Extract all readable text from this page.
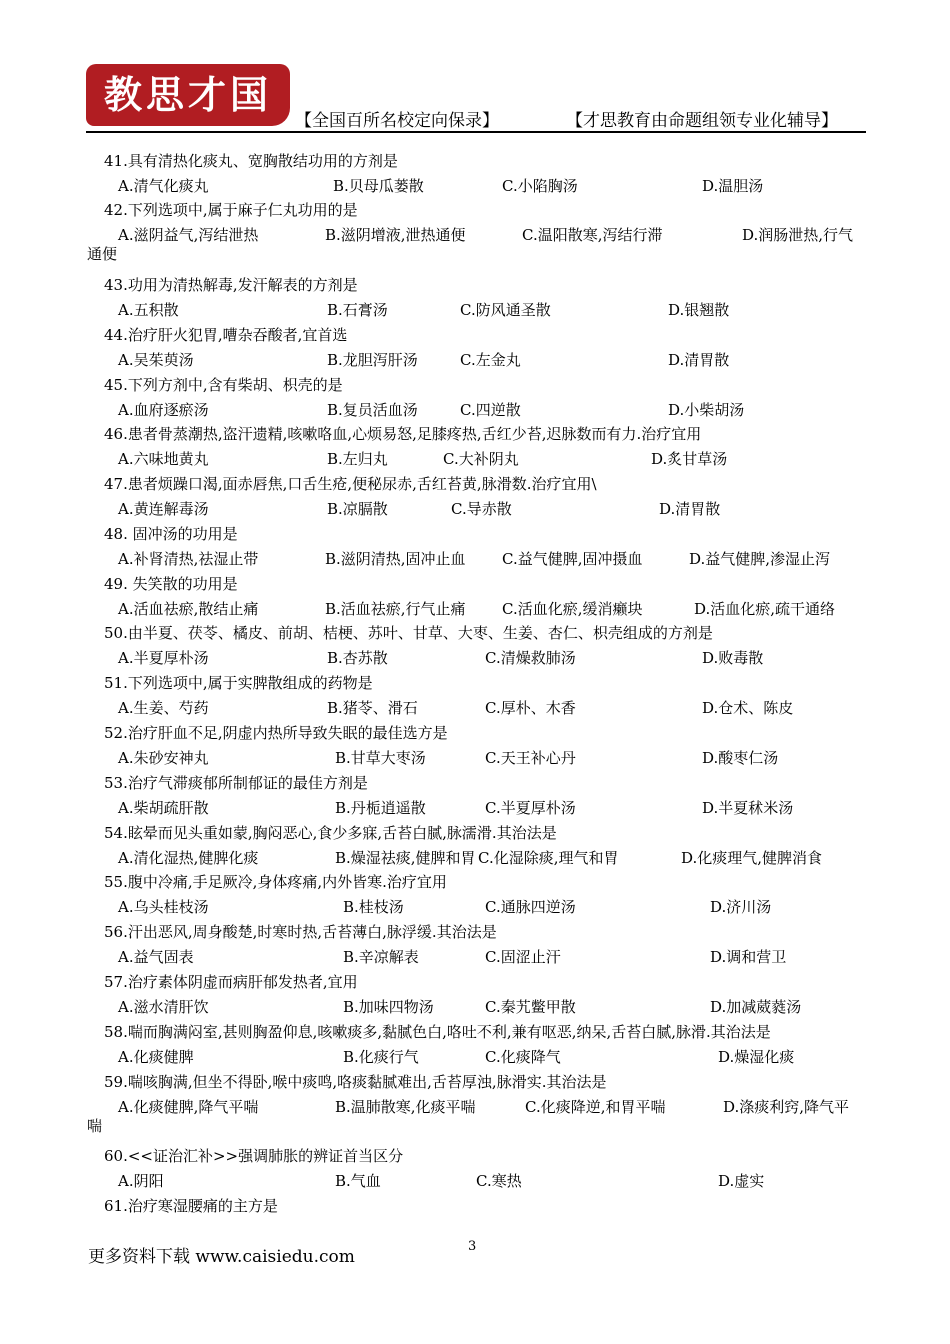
教思才国
【全国百所名校定向保录】	【才思教育由命题组领专业化辅导】
41.具有清热化痰丸、宽胸散结功用的方剂是
A.清气化痰丸	B.贝母瓜蒌散	C.小陷胸汤	D.温胆汤
42.下列选项中,属于麻子仁丸功用的是
A.滋阴益气,泻结泄热	B.滋阴增液,泄热通便	C.温阳散寒,泻结行滞	D.润肠泄热,行气
通便
43.功用为清热解毒,发汗解表的方剂是
A.五积散	B.石膏汤	C.防风通圣散	D.银翘散
44.治疗肝火犯胃,嘈杂吞酸者,宜首选
A.吴茱萸汤	B.龙胆泻肝汤	C.左金丸	D.清胃散
45.下列方剂中,含有柴胡、枳壳的是
A.血府逐瘀汤	B.复员活血汤	C.四逆散	D.小柴胡汤
46.患者骨蒸潮热,盗汗遗精,咳嗽咯血,心烦易怒,足膝疼热,舌红少苔,迟脉数而有力.治疗宜用
A.六味地黄丸	B.左归丸	C.大补阴丸	D.炙甘草汤
47.患者烦躁口渴,面赤唇焦,口舌生疮,便秘尿赤,舌红苔黄,脉滑数.治疗宜用\
A.黄连解毒汤	B.凉膈散	C.导赤散	D.清胃散
48. 固冲汤的功用是
A.补肾清热,祛湿止带	B.滋阴清热,固冲止血 C.益气健脾,固冲摄血	D.益气健脾,渗湿止泻
49. 失笑散的功用是
A.活血祛瘀,散结止痛	B.活血祛瘀,行气止痛 C.活血化瘀,缓消癞块	D.活血化瘀,疏干通络
50.由半夏、茯苓、橘皮、前胡、桔梗、苏叶、甘草、大枣、生姜、杏仁、枳壳组成的方剂是
A.半夏厚朴汤	B.杏苏散	C.清燥救肺汤	D.败毒散
51.下列选项中,属于实脾散组成的药物是
A.生姜、芍药	B.猪苓、滑石	C.厚朴、木香	D.仓术、陈皮
52.治疗肝血不足,阴虚内热所导致失眠的最佳选方是
A.朱砂安神丸	B.甘草大枣汤	C.天王补心丹	D.酸枣仁汤
53.治疗气滞痰郁所制郁证的最佳方剂是
A.柴胡疏肝散	B.丹栀逍遥散	C.半夏厚朴汤	D.半夏秫米汤
54.眩晕而见头重如蒙,胸闷恶心,食少多寐,舌苔白腻,脉濡滑.其治法是
A.清化湿热,健脾化痰	B.燥湿祛痰,健脾和胃 C.化湿除痰,理气和胃	D.化痰理气,健脾消食
55.腹中冷痛,手足厥冷,身体疼痛,内外皆寒.治疗宜用
A.乌头桂枝汤	B.桂枝汤	C.通脉四逆汤	D.济川汤
56.汗出恶风,周身酸楚,时寒时热,舌苔薄白,脉浮缓.其治法是
A.益气固表	B.辛凉解表	C.固涩止汗	D.调和营卫
57.治疗素体阴虚而病肝郁发热者,宜用
A.滋水清肝饮	B.加味四物汤	C.秦艽鳖甲散	D.加减葳蕤汤
58.喘而胸满闷室,甚则胸盈仰息,咳嗽痰多,黏腻色白,咯吐不利,兼有呕恶,纳呆,舌苔白腻,脉滑.其治法是
A.化痰健脾	B.化痰行气	C.化痰降气	D.燥湿化痰
59.喘咳胸满,但坐不得卧,喉中痰鸣,咯痰黏腻难出,舌苔厚浊,脉滑实.其治法是
A.化痰健脾,降气平喘	B.温肺散寒,化痰平喘	C.化痰降逆,和胃平喘	D.涤痰利窍,降气平
喘
60.<<证治汇补>>强调肺胀的辨证首当区分
A.阴阳	B.气血	C.寒热	D.虚实
61.治疗寒湿腰痛的主方是
更多资料下载 www.caisiedu.com
3
